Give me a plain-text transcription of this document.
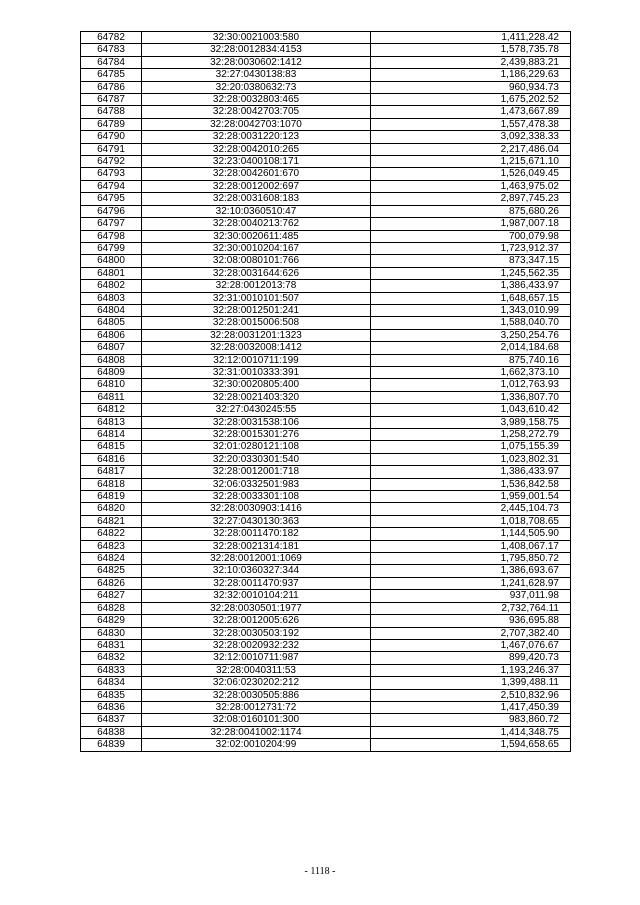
64782	32:30:0021003:580	1,411,228.42
64783	32:28:0012834:4153	1,578,735.78
64784	32:28:0030602:1412	2,439,883.21
64785	32:27:0430138:83	1,186,229.63
64786	32:20:0380632:73	960,934.73
64787	32:28:0032803:465	1,675,202.52
64788	32:28:0042703:705	1,473,667.89
64789	32:28:0042703:1070	1,557,478.38
64790	32:28:0031220:123	3,092,338.33
64791	32:28:0042010:265	2,217,486.04
64792	32:23:0400108:171	1,215,671.10
64793	32:28:0042601:670	1,526,049.45
64794	32:28:0012002:697	1,463,975.02
64795	32:28:0031608:183	2,897,745.23
64796	32:10:0360510:47	875,680.26
64797	32:28:0040213:762	1,987,007.18
64798	32:30:0020611:485	700,079.98
64799	32:30:0010204:167	1,723,912.37
64800	32:08:0080101:766	873,347.15
64801	32:28:0031644:626	1,245,562.35
64802	32:28:0012013:78	1,386,433.97
64803	32:31:0010101:507	1,648,657.15
64804	32:28:0012501:241	1,343,010.99
64805	32:28:0015006:508	1,588,040.70
64806	32:28:0031201:1323	3,250,254.76
64807	32:28:0032008:1412	2,014,184.68
64808	32:12:0010711:199	875,740.16
64809	32:31:0010333:391	1,662,373.10
64810	32:30:0020805:400	1,012,763.93
64811	32:28:0021403:320	1,336,807.70
64812	32:27:0430245:55	1,043,610.42
64813	32:28:0031538:106	3,989,158.75
64814	32:28:0015301:276	1,258,272.79
64815	32:01:0280121:108	1,075,155.39
64816	32:20:0330301:540	1,023,802.31
64817	32:28:0012001:718	1,386,433.97
64818	32:06:0332501:983	1,536,842.58
64819	32:28:0033301:108	1,959,001.54
64820	32:28:0030903:1416	2,445,104.73
64821	32:27:0430130:363	1,018,708.65
64822	32:28:0011470:182	1,144,505.90
64823	32:28:0021314:181	1,408,067.17
64824	32:28:0012001:1069	1,795,850.72
64825	32:10:0360327:344	1,386,693.67
64826	32:28:0011470:937	1,241,628.97
64827	32:32:0010104:211	937,011.98
64828	32:28:0030501:1977	2,732,764.11
64829	32:28:0012005:626	936,695.88
64830	32:28:0030503:192	2,707,382.40
64831	32:28:0020932:232	1,467,076.67
64832	32:12:0010711:987	899,420.73
64833	32:28:0040311:53	1,193,246.37
64834	32:06:0230202:212	1,399,488.11
64835	32:28:0030505:886	2,510,832.96
64836	32:28:0012731:72	1,417,450.39
64837	32:08:0160101:300	983,860.72
64838	32:28:0041002:1174	1,414,348.75
64839	32:02:0010204:99	1,594,658.65
- 1118 -
